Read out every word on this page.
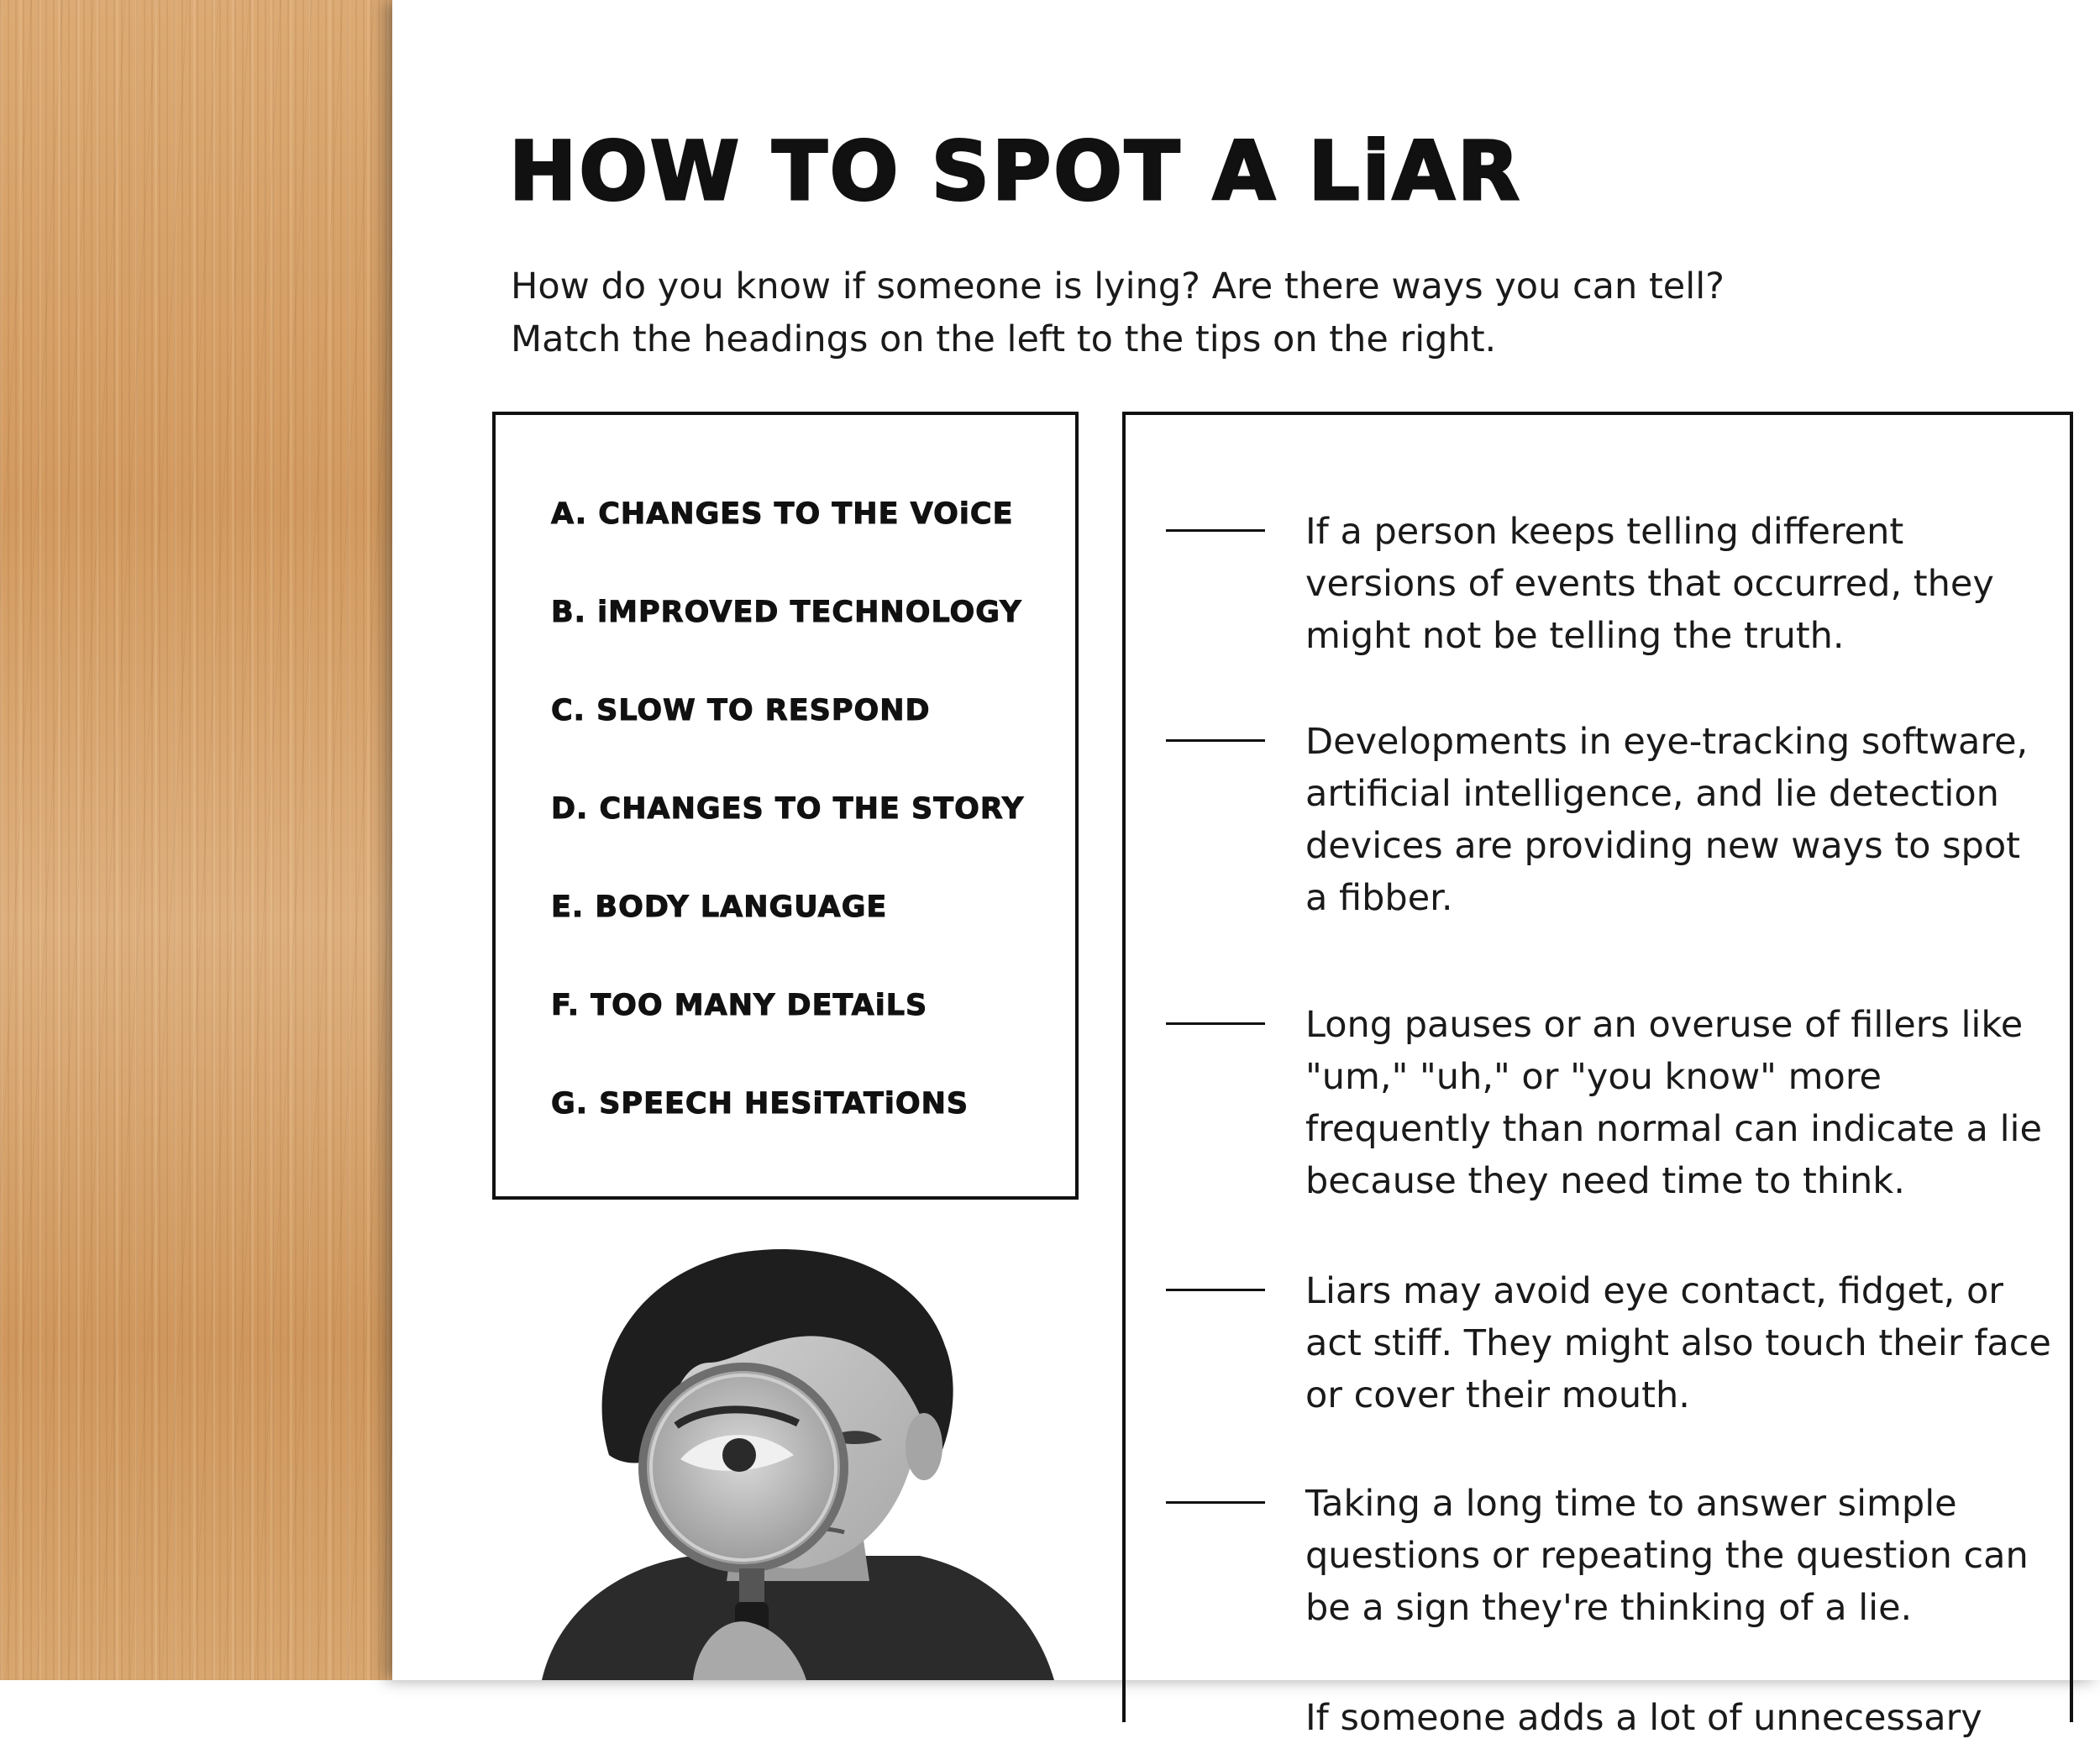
HOW TO SPOT A LiAR
How do you know if someone is lying? Are there ways you can tell?
Match the headings on the left to the tips on the right.
A. CHANGES TO THE VOiCE
B. iMPROVED TECHNOLOGY
C. SLOW TO RESPOND
D. CHANGES TO THE STORY
E. BODY LANGUAGE
F. TOO MANY DETAiLS
G. SPEECH HESiTATiONS
If a person keeps telling different versions of events that occurred, they might not be telling the truth.
Developments in eye-tracking software, artificial intelligence, and lie detection devices are providing new ways to spot a fibber.
Long pauses or an overuse of fillers like "um," "uh," or "you know" more frequently than normal can indicate a lie because they need time to think.
Liars may avoid eye contact, fidget, or act stiff. They might also touch their face or cover their mouth.
Taking a long time to answer simple questions or repeating the question can be a sign they're thinking of a lie.
If someone adds a lot of unnecessary
